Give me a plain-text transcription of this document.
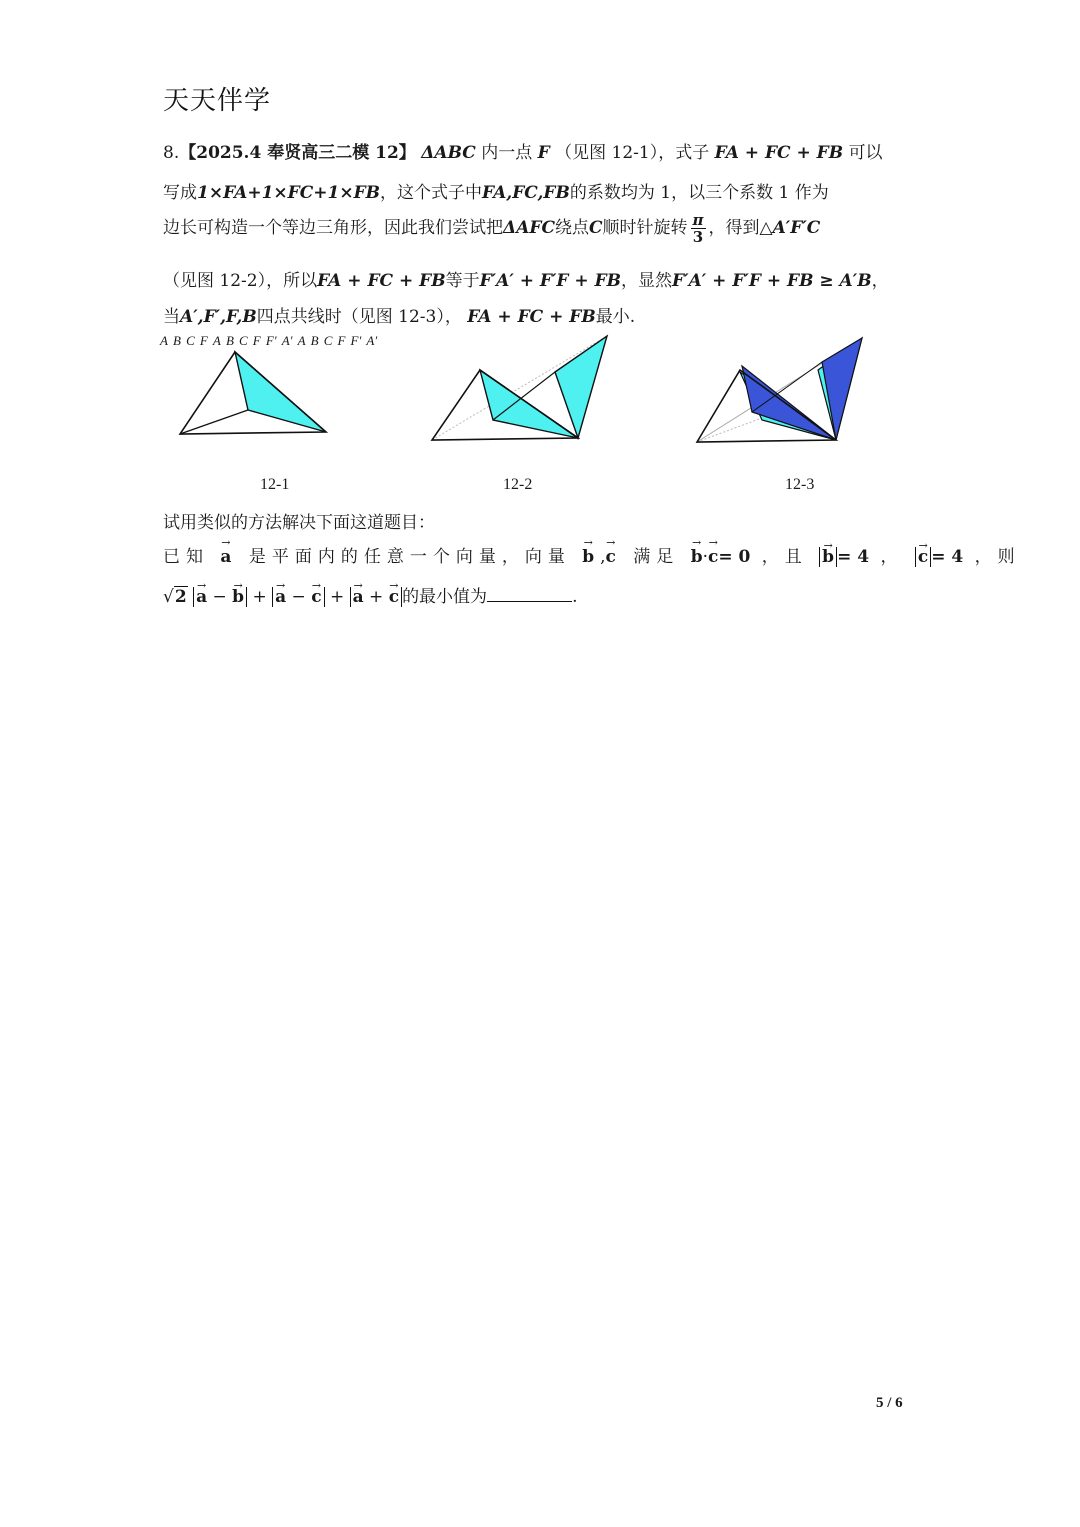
天天伴学
8.【2025.4 奉贤高三二模 12】 ΔABC 内一点 F （见图 12-1），式子 FA + FC + FB 可以
写成1×FA+1×FC+1×FB，这个式子中FA,FC,FB的系数均为 1，以三个系数 1 作为
边长可构造一个等边三角形，因此我们尝试把ΔAFC绕点C顺时针旋转 $\frac{\pi}{3}$ ，得到△A′F′C
（见图 12-2），所以FA + FC + FB等于F′A′ + F′F + FB，显然F′A′ + F′F + FB ≥ A′B，
当A′,F′,F,B四点共线时（见图 12-3）， FA + FC + FB最小.
A B C F
12-1
A B C F F′ A′
12-2
A B C F F′ A′
12-3
试用类似的方法解决下面这道题目：
已知 → a 是平面内的任意一个向量，向量 → b,→ c 满足 → b·→ c= 0 ，且 → b = 4 ， → c = 4 ，则
√2 → a − → b + → a − → c + → a + → c 的最小值为	.
5 / 6
